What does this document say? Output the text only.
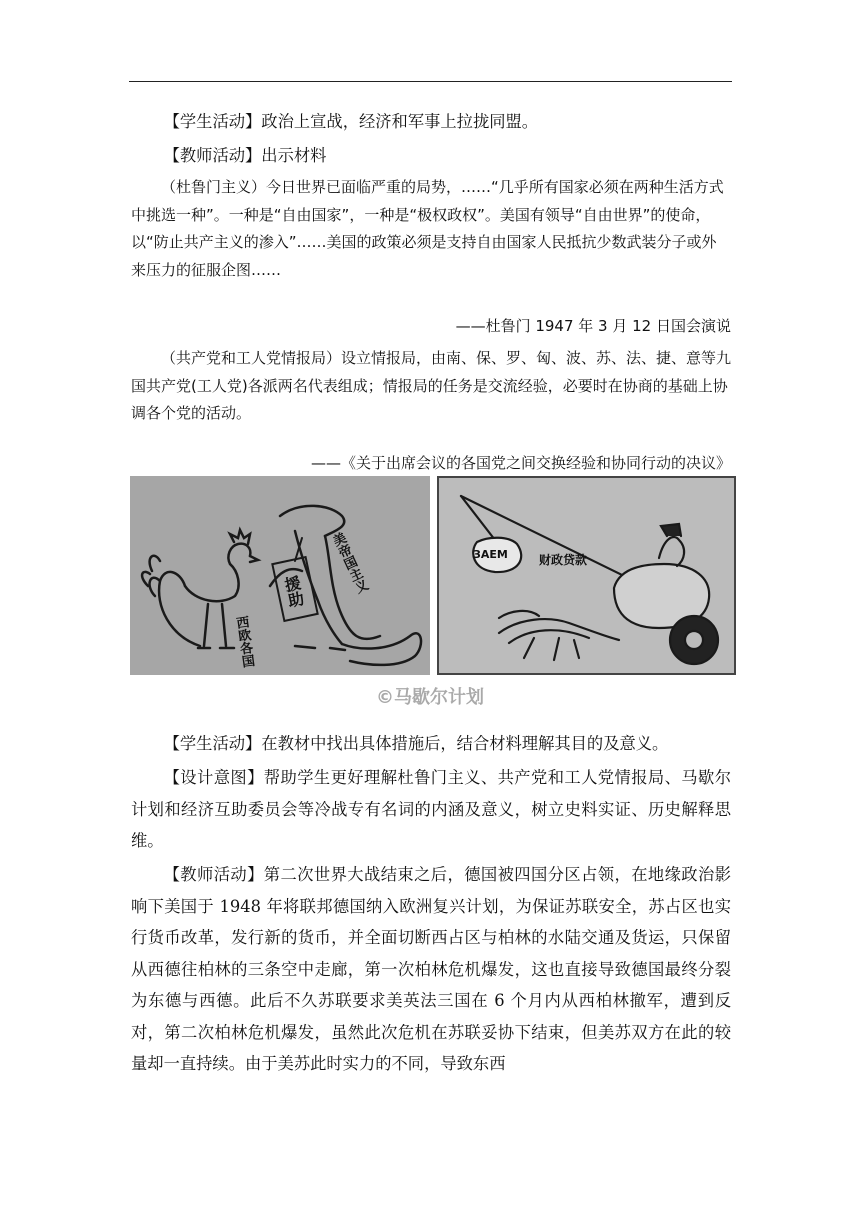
【学生活动】政治上宣战，经济和军事上拉拢同盟。
【教师活动】出示材料
（杜鲁门主义）今日世界已面临严重的局势，……“几乎所有国家必须在两种生活方式中挑选一种”。一种是“自由国家”，一种是“极权政权”。美国有领导“自由世界”的使命，以“防止共产主义的渗入”……美国的政策必须是支持自由国家人民抵抗少数武装分子或外来压力的征服企图……
——杜鲁门 1947 年 3 月 12 日国会演说
（共产党和工人党情报局）设立情报局，由南、保、罗、匈、波、苏、法、捷、意等九国共产党(工人党)各派两名代表组成；情报局的任务是交流经验，必要时在协商的基础上协调各个党的活动。
——《关于出席会议的各国党之间交换经验和协同行动的决议》
西欧各国
美帝国主义
援助
ЗАЕМ	财政贷款
©马歇尔计划
【学生活动】在教材中找出具体措施后，结合材料理解其目的及意义。
【设计意图】帮助学生更好理解杜鲁门主义、共产党和工人党情报局、马歇尔计划和经济互助委员会等冷战专有名词的内涵及意义，树立史料实证、历史解释思维。
【教师活动】第二次世界大战结束之后，德国被四国分区占领，在地缘政治影响下美国于 1948 年将联邦德国纳入欧洲复兴计划，为保证苏联安全，苏占区也实行货币改革，发行新的货币，并全面切断西占区与柏林的水陆交通及货运，只保留从西德往柏林的三条空中走廊，第一次柏林危机爆发，这也直接导致德国最终分裂为东德与西德。此后不久苏联要求美英法三国在 6 个月内从西柏林撤军，遭到反对，第二次柏林危机爆发，虽然此次危机在苏联妥协下结束，但美苏双方在此的较量却一直持续。由于美苏此时实力的不同，导致东西
